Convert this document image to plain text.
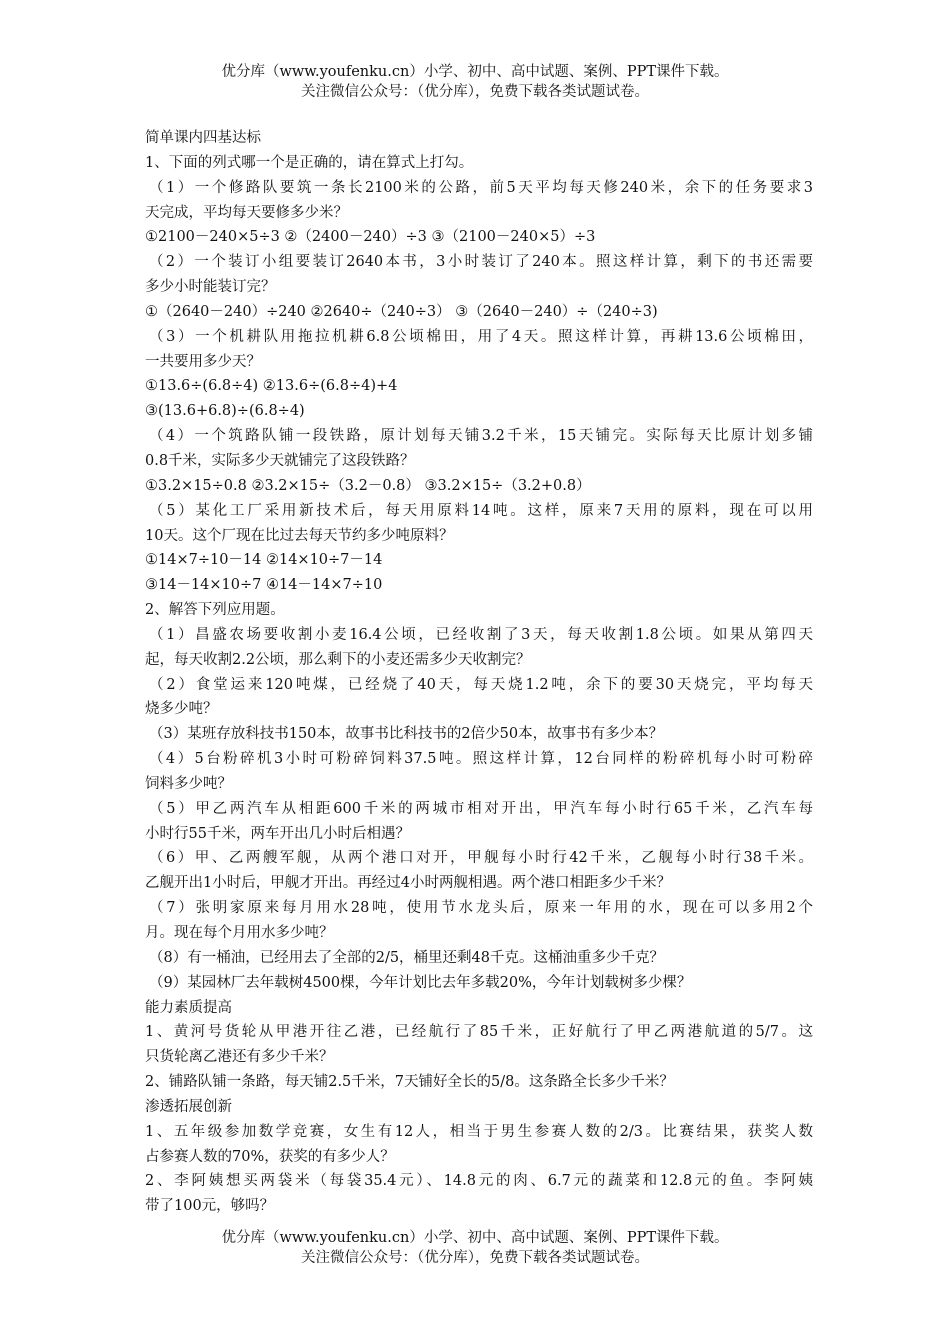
优分库（www.youfenku.cn）小学、初中、高中试题、案例、PPT课件下载。
关注微信公众号：（优分库），免费下载各类试题试卷。
简单课内四基达标
1、下面的列式哪一个是正确的，请在算式上打勾。
（1）一个修路队要筑一条长2100米的公路，前5天平均每天修240米，余下的任务要求3
天完成，平均每天要修多少米？
①2100－240×5÷3 ②（2400－240）÷3 ③（2100－240×5）÷3
（2）一个装订小组要装订2640本书，3小时装订了240本。照这样计算，剩下的书还需要
多少小时能装订完？
①（2640－240）÷240 ②2640÷（240÷3） ③（2640－240）÷（240÷3)
（3）一个机耕队用拖拉机耕6.8公顷棉田，用了4天。照这样计算，再耕13.6公顷棉田，
一共要用多少天？
①13.6÷(6.8÷4) ②13.6÷(6.8÷4)+4
③(13.6+6.8)÷(6.8÷4)
（4）一个筑路队铺一段铁路，原计划每天铺3.2千米，15天铺完。实际每天比原计划多铺
0.8千米，实际多少天就铺完了这段铁路？
①3.2×15÷0.8 ②3.2×15÷（3.2－0.8） ③3.2×15÷（3.2+0.8）
（5）某化工厂采用新技术后，每天用原料14吨。这样，原来7天用的原料，现在可以用
10天。这个厂现在比过去每天节约多少吨原料？
①14×7÷10－14 ②14×10÷7－14
③14－14×10÷7 ④14－14×7÷10
2、解答下列应用题。
（1）昌盛农场要收割小麦16.4公顷，已经收割了3天，每天收割1.8公顷。如果从第四天
起，每天收割2.2公顷，那么剩下的小麦还需多少天收割完？
（2）食堂运来120吨煤，已经烧了40天，每天烧1.2吨，余下的要30天烧完，平均每天
烧多少吨？
（3）某班存放科技书150本，故事书比科技书的2倍少50本，故事书有多少本？
（4）5台粉碎机3小时可粉碎饲料37.5吨。照这样计算，12台同样的粉碎机每小时可粉碎
饲料多少吨？
（5）甲乙两汽车从相距600千米的两城市相对开出，甲汽车每小时行65千米，乙汽车每
小时行55千米，两车开出几小时后相遇？
（6）甲、乙两艘军舰，从两个港口对开，甲舰每小时行42千米，乙舰每小时行38千米。
乙舰开出1小时后，甲舰才开出。再经过4小时两舰相遇。两个港口相距多少千米？
（7）张明家原来每月用水28吨，使用节水龙头后，原来一年用的水，现在可以多用2个
月。现在每个月用水多少吨？
（8）有一桶油，已经用去了全部的2/5，桶里还剩48千克。这桶油重多少千克？
（9）某园林厂去年载树4500棵，今年计划比去年多载20%，今年计划载树多少棵？
能力素质提高
1、黄河号货轮从甲港开往乙港，已经航行了85千米，正好航行了甲乙两港航道的5/7。这
只货轮离乙港还有多少千米？
2、铺路队铺一条路，每天铺2.5千米，7天铺好全长的5/8。这条路全长多少千米？
渗透拓展创新
1、五年级参加数学竞赛，女生有12人，相当于男生参赛人数的2/3。比赛结果，获奖人数
占参赛人数的70%，获奖的有多少人？
2、李阿姨想买两袋米（每袋35.4元）、14.8元的肉、6.7元的蔬菜和12.8元的鱼。李阿姨
带了100元，够吗？
优分库（www.youfenku.cn）小学、初中、高中试题、案例、PPT课件下载。
关注微信公众号：（优分库），免费下载各类试题试卷。
